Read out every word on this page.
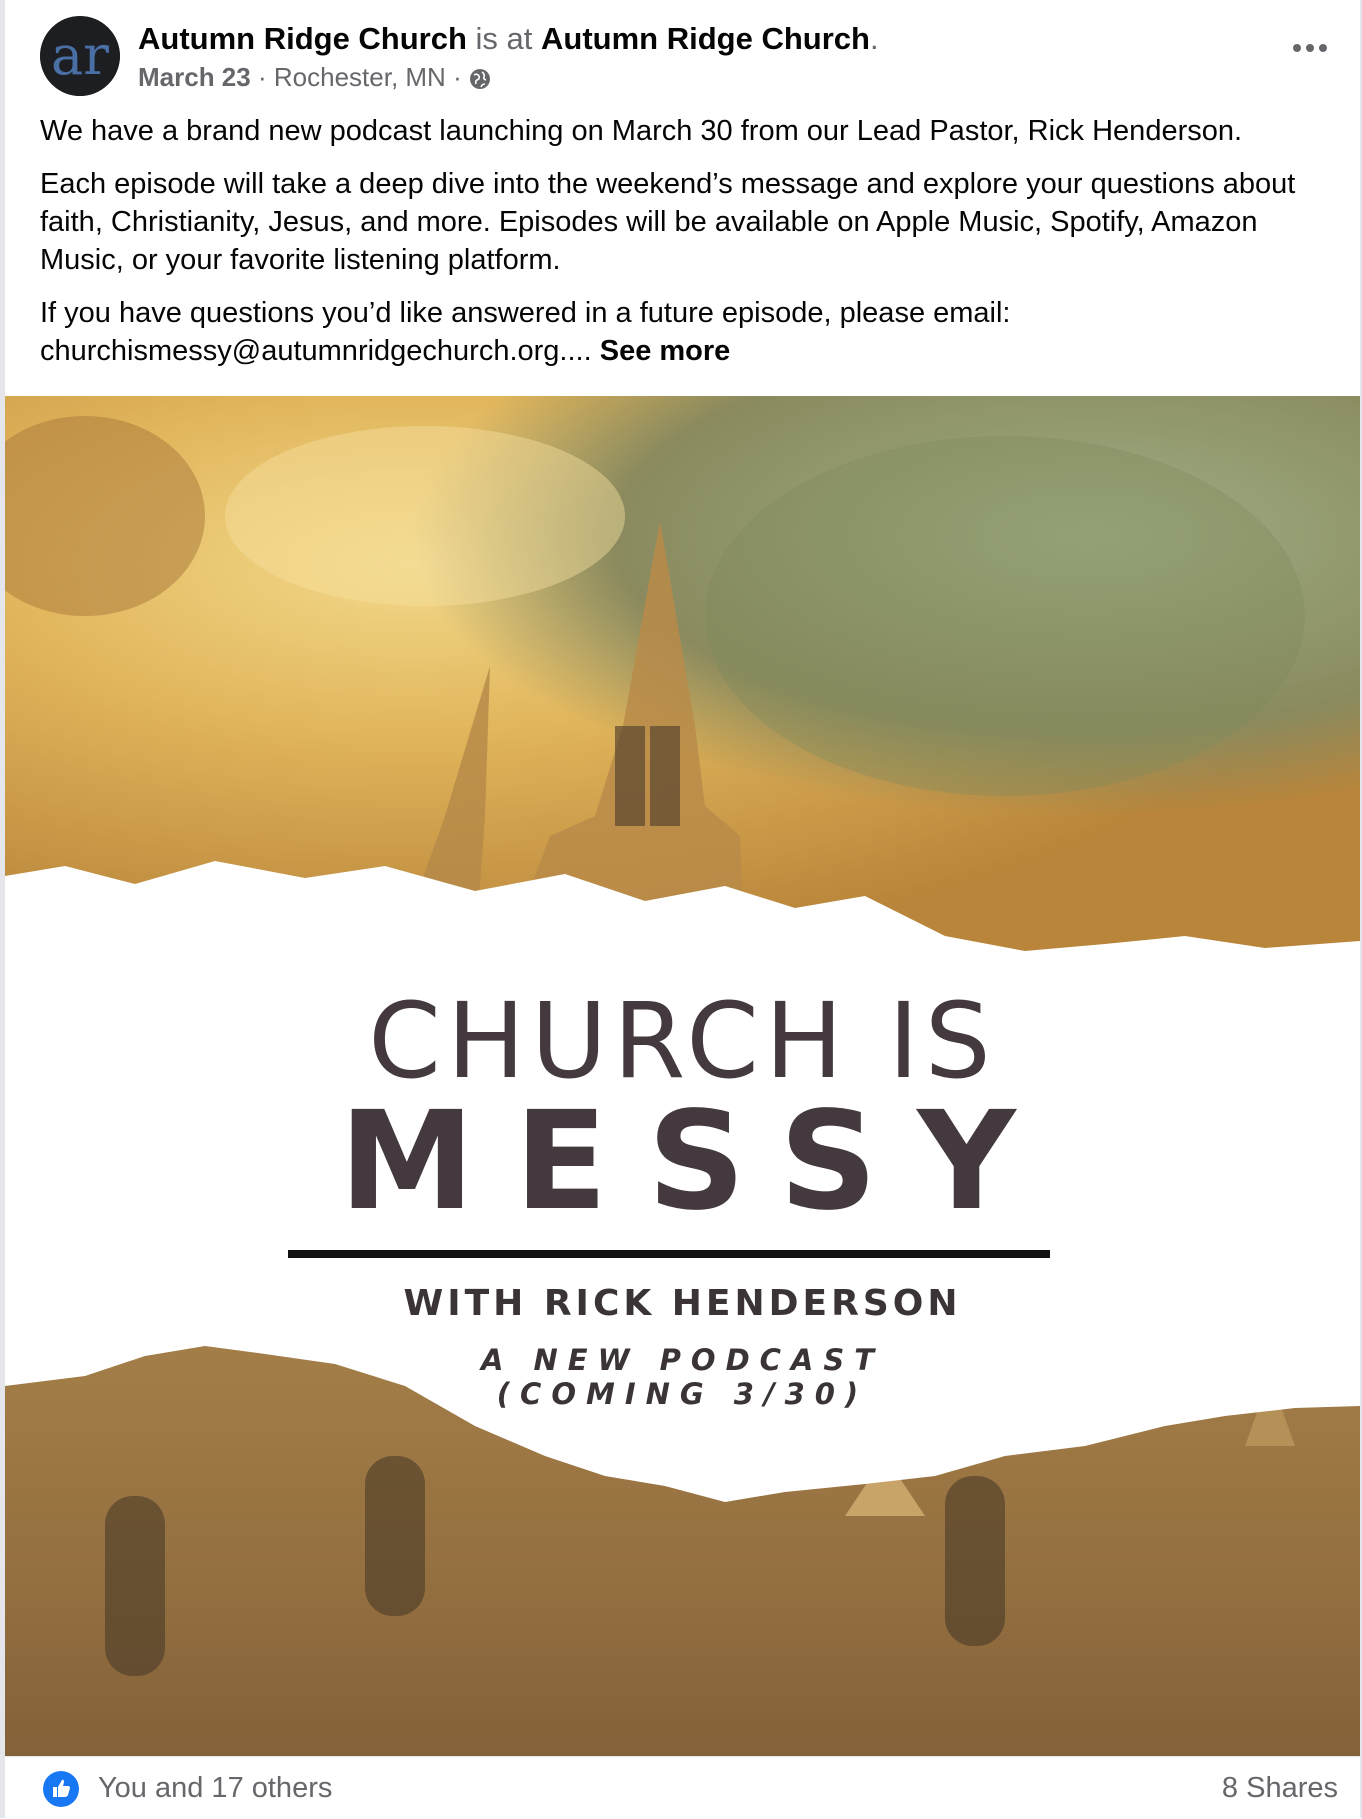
ar Autumn Ridge Church is at Autumn Ridge Church.
March 23
·
Rochester, MN
·

We have a brand new podcast launching on March 30 from our Lead Pastor, Rick Henderson.

Each episode will take a deep dive into the weekend’s message and explore your questions about faith, Christianity, Jesus, and more. Episodes will be available on Apple Music, Spotify, Amazon Music, or your favorite listening platform.

If you have questions you’d like answered in a future episode, please email: churchismessy@autumnridgechurch.org.... See more

CHURCH IS
MESSY
WITH RICK HENDERSON
A NEW PODCAST
(COMING 3/30)
You and 17 others	8 Shares
